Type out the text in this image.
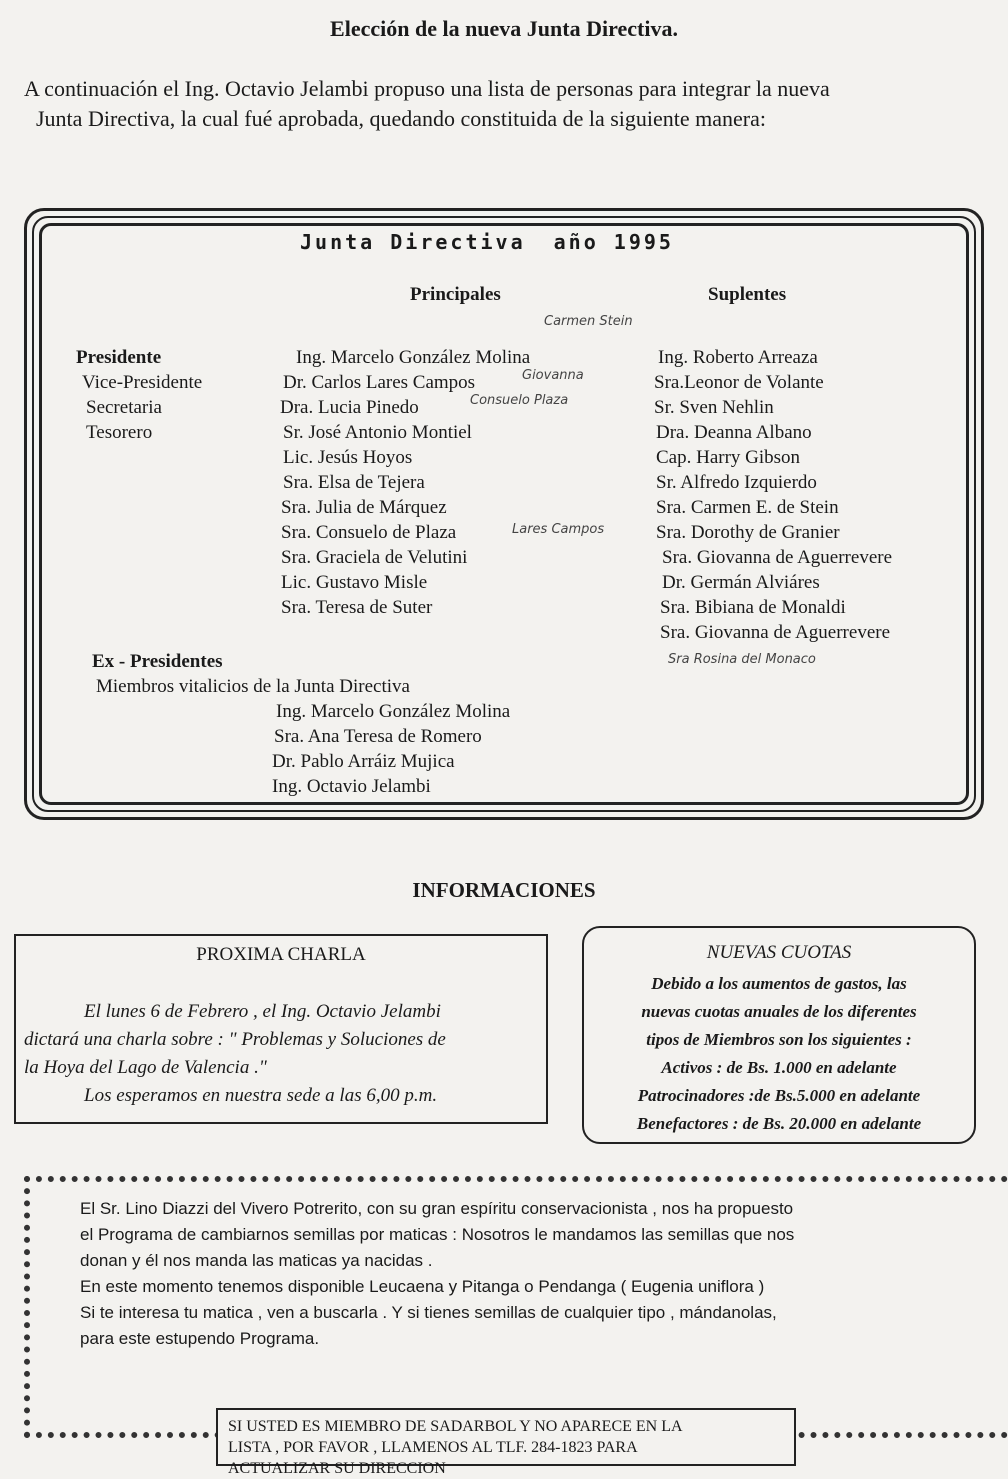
Elección de la nueva Junta Directiva.
A continuación el Ing. Octavio Jelambi propuso una lista de personas para integrar la nueva
Junta Directiva, la cual fué aprobada, quedando constituida de la siguiente manera:
Junta Directiva año 1995
Principales	Suplentes
Presidente
Vice-Presidente
Secretaria
Tesorero
Ing. Marcelo González Molina
Dr. Carlos Lares Campos
Dra. Lucia Pinedo
Sr. José Antonio Montiel
Lic. Jesús Hoyos
Sra. Elsa de Tejera
Sra. Julia de Márquez
Sra. Consuelo de Plaza
Sra. Graciela de Velutini
Lic. Gustavo Misle
Sra. Teresa de Suter
Ing. Roberto Arreaza
Sra.Leonor de Volante
Sr. Sven Nehlin
Dra. Deanna Albano
Cap. Harry Gibson
Sr. Alfredo Izquierdo
Sra. Carmen E. de Stein
Sra. Dorothy de Granier
Sra. Giovanna de Aguerrevere
Dr. Germán Alviáres
Sra. Bibiana de Monaldi
Sra. Giovanna de Aguerrevere
Carmen Stein
Giovanna
Consuelo Plaza
Lares Campos
Sra Rosina del Monaco
Ex - Presidentes
Miembros vitalicios de la Junta Directiva
Ing. Marcelo González Molina
Sra. Ana Teresa de Romero
Dr. Pablo Arráiz Mujica
Ing. Octavio Jelambi
INFORMACIONES
PROXIMA CHARLA
El lunes 6 de Febrero , el Ing. Octavio Jelambi
dictará una charla sobre : " Problemas y Soluciones de
la Hoya del Lago de Valencia ."
Los esperamos en nuestra sede a las 6,00 p.m.
NUEVAS CUOTAS
Debido a los aumentos de gastos, las
nuevas cuotas anuales de los diferentes
tipos de Miembros son los siguientes :
Activos : de Bs. 1.000 en adelante
Patrocinadores :de Bs.5.000 en adelante
Benefactores : de Bs. 20.000 en adelante
El Sr. Lino Diazzi del Vivero Potrerito, con su gran espíritu conservacionista , nos ha propuesto
el Programa de cambiarnos semillas por maticas : Nosotros le mandamos las semillas que nos
donan y él nos manda las maticas ya nacidas .
En este momento tenemos disponible Leucaena y Pitanga o Pendanga ( Eugenia uniflora )
Si te interesa tu matica , ven a buscarla . Y si tienes semillas de cualquier tipo , mándanolas,
para este estupendo Programa.
SI USTED ES MIEMBRO DE SADARBOL Y NO APARECE EN LA
LISTA , POR FAVOR , LLAMENOS AL TLF. 284-1823 PARA
ACTUALIZAR SU DIRECCION
